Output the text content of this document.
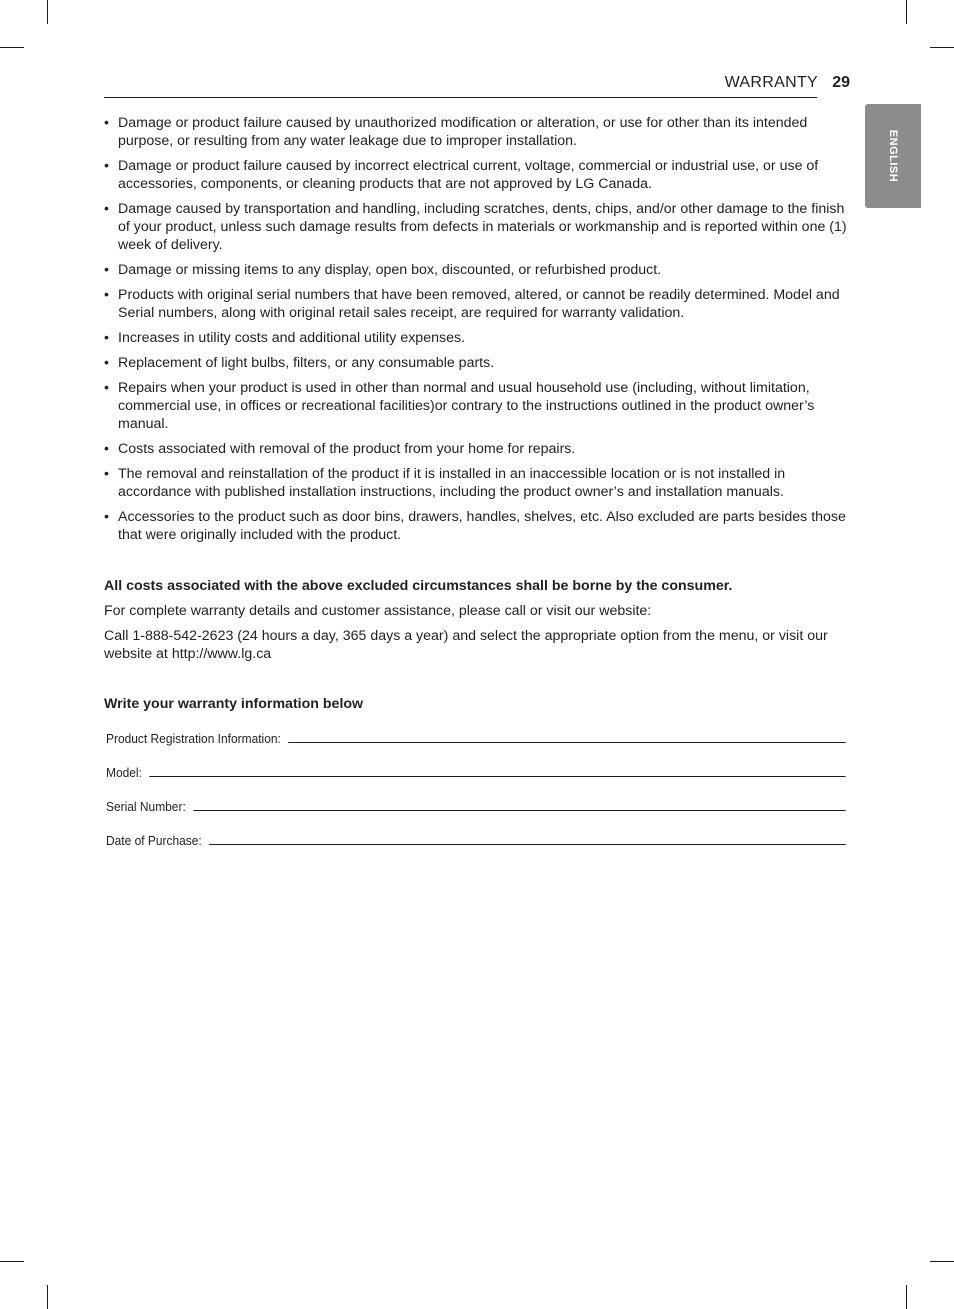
WARRANTY 29
ENGLISH
• Damage or product failure caused by unauthorized modification or alteration, or use for other than its intended purpose, or resulting from any water leakage due to improper installation.
• Damage or product failure caused by incorrect electrical current, voltage, commercial or industrial use, or use of accessories, components, or cleaning products that are not approved by LG Canada.
• Damage caused by transportation and handling, including scratches, dents, chips, and/or other damage to the finish of your product, unless such damage results from defects in materials or workmanship and is reported within one (1) week of delivery.
• Damage or missing items to any display, open box, discounted, or refurbished product.
• Products with original serial numbers that have been removed, altered, or cannot be readily determined. Model and Serial numbers, along with original retail sales receipt, are required for warranty validation.
• Increases in utility costs and additional utility expenses.
• Replacement of light bulbs, filters, or any consumable parts.
• Repairs when your product is used in other than normal and usual household use (including, without limitation, commercial use, in offices or recreational facilities)or contrary to the instructions outlined in the product owner’s manual.
• Costs associated with removal of the product from your home for repairs.
• The removal and reinstallation of the product if it is installed in an inaccessible location or is not installed in accordance with published installation instructions, including the product owner’s and installation manuals.
• Accessories to the product such as door bins, drawers, handles, shelves, etc. Also excluded are parts besides those that were originally included with the product.

All costs associated with the above excluded circumstances shall be borne by the consumer.

For complete warranty details and customer assistance, please call or visit our website:

Call 1-888-542-2623 (24 hours a day, 365 days a year) and select the appropriate option from the menu, or visit our website at http://www.lg.ca

Write your warranty information below

Product Registration Information:
Model:
Serial Number:
Date of Purchase:
